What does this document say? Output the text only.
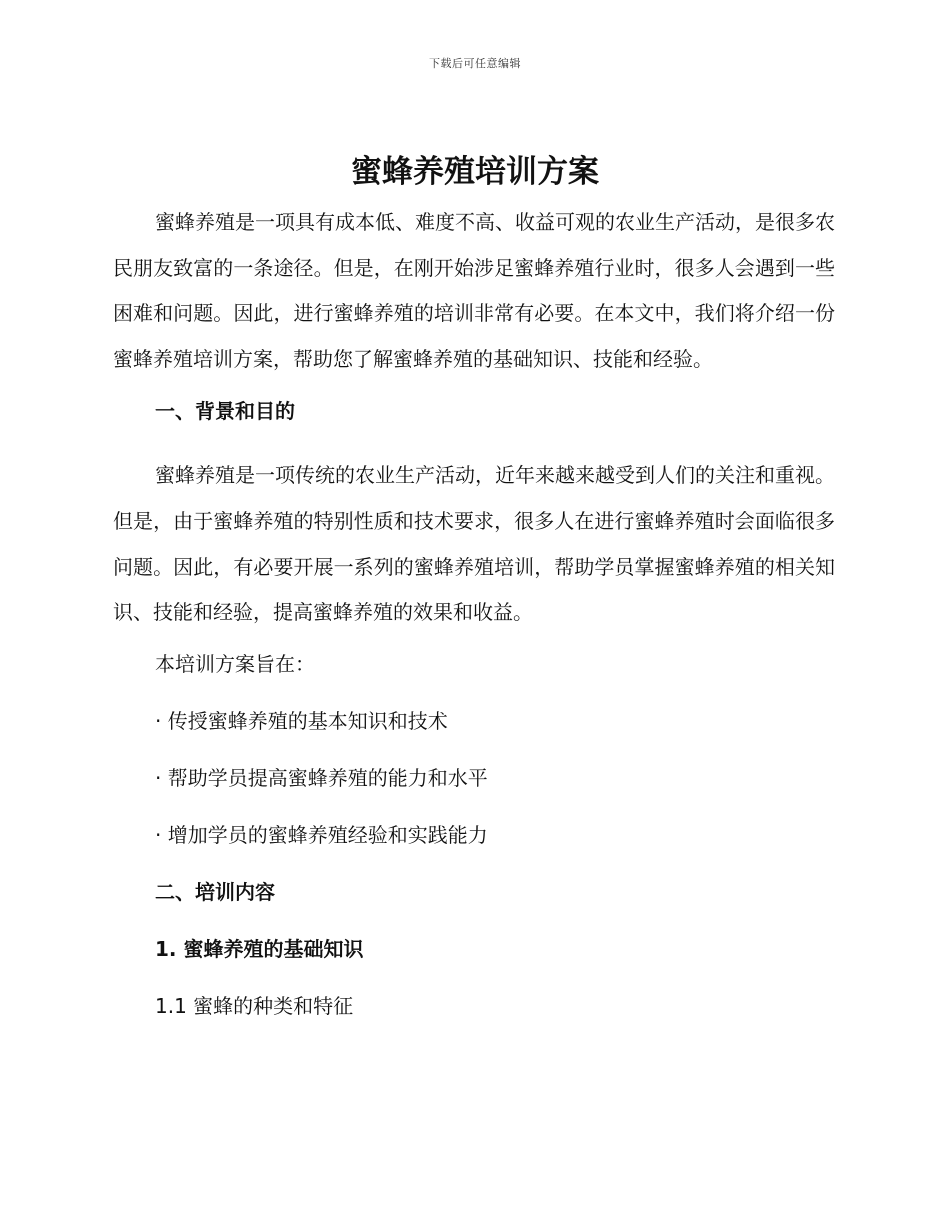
下载后可任意编辑
蜜蜂养殖培训方案

蜜蜂养殖是一项具有成本低、难度不高、收益可观的农业生产活动，是很多农民朋友致富的一条途径。但是，在刚开始涉足蜜蜂养殖行业时，很多人会遇到一些困难和问题。因此，进行蜜蜂养殖的培训非常有必要。在本文中，我们将介绍一份蜜蜂养殖培训方案，帮助您了解蜜蜂养殖的基础知识、技能和经验。

一、背景和目的

蜜蜂养殖是一项传统的农业生产活动，近年来越来越受到人们的关注和重视。但是，由于蜜蜂养殖的特别性质和技术要求，很多人在进行蜜蜂养殖时会面临很多问题。因此，有必要开展一系列的蜜蜂养殖培训，帮助学员掌握蜜蜂养殖的相关知识、技能和经验，提高蜜蜂养殖的效果和收益。

本培训方案旨在：

· 传授蜜蜂养殖的基本知识和技术

· 帮助学员提高蜜蜂养殖的能力和水平

· 增加学员的蜜蜂养殖经验和实践能力

二、培训内容

1. 蜜蜂养殖的基础知识

1.1 蜜蜂的种类和特征
